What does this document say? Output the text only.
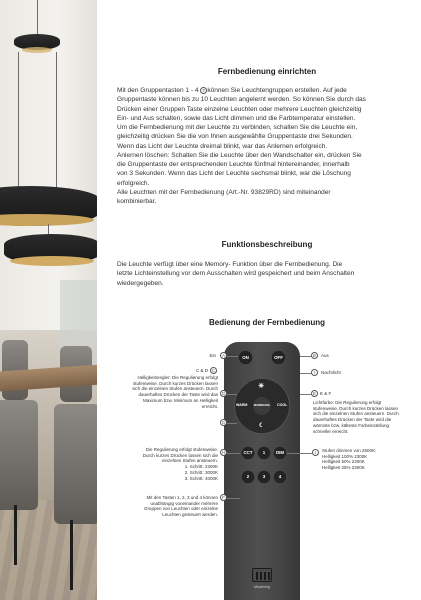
Fernbedienung einrichten
Mit den Gruppentasten 1 - 4 F können Sie Leuchtengruppen erstellen. Auf jede
Gruppentaste können bis zu 10 Leuchten angelernt werden. So können Sie durch das
Drücken einer Gruppen Taste einzelne Leuchten oder mehrere Leuchten gleichzeitig
Ein- und Aus schalten, sowie das Licht dimmen und die Farbtemperatur einstellen.
Um die Fernbedienung mit der Leuchte zu verbinden, schalten Sie die Leuchte ein,
gleichzeitig drücken Sie die von Ihnen ausgewählte Gruppentaste drei Sekunden.
Wenn das Licht der Leuchte dreimal blinkt, war das Anlernen erfolgreich.
Anlernen löschen: Schalten Sie die Leuchte über den Wandschalter ein, drücken Sie
die Gruppentaste der entsprechenden Leuchte fünfmal hintereinander, innerhalb
von 3 Sekunden. Wenn das Licht der Leuchte sechsmal blinkt, war die Löschung
erfolgreich.
Alle Leuchten mit der Fernbedienung (Art.-Nr. 93829RD) sind miteinander
kombinierbar.
Funktionsbeschreibung
Die Leuchte verfügt über eine Memory- Funktion über die Fernbedienung. Die
letzte Lichteinstellung vor dem Ausschalten wird gespeichert und beim Anschalten
wiedergegeben.
Bedienung der Fernbedienung
ON	OFF
☀
WARM	COOL
WARM/COOL
☾
CCT	1	DIM
2	3	4
Mustering
Ein	A
C & D C
Helligkeitsregler: Die Regulierung erfolgt
stufenweise. Durch kurzes Drücken lassen
sich die einzelnen Stufen ansteuern. Durch
dauerhaftes Drücken der Taste wird das
Maximum bzw. Minimum an Helligkeit
erreicht.
D
G
Die Regulierung erfolgt stufenweise.
Durch kurzes Drücken lassen sich die
einzelnen Stufen ansteuern.
1. Schritt: 2300K
2. Schritt: 3000K
3. Schritt: 4000K
H
Mit den Tasten 1, 2, 3 und 4 können
unabhängig voneinander mehrere
Gruppen von Leuchten oder einzelne
Leuchten gesteuert werden.
F
B	Aus
I	Nachtlicht
E E & F
Lichtfarbe: Die Regulierung erfolgt
stufenweise. Durch kurzes Drücken lassen
sich die einzelnen Stufen ansteuern. Durch
dauerhaftes Drücken der Taste wird die
wärmste bzw. kälteste Farbeinstellung
schneller erreicht.
I	Stufen dimmen von 2500K:
Helligkeit 100% 2300K
Helligkeit 50% 2300K
Helligkeit 25% 2300K
